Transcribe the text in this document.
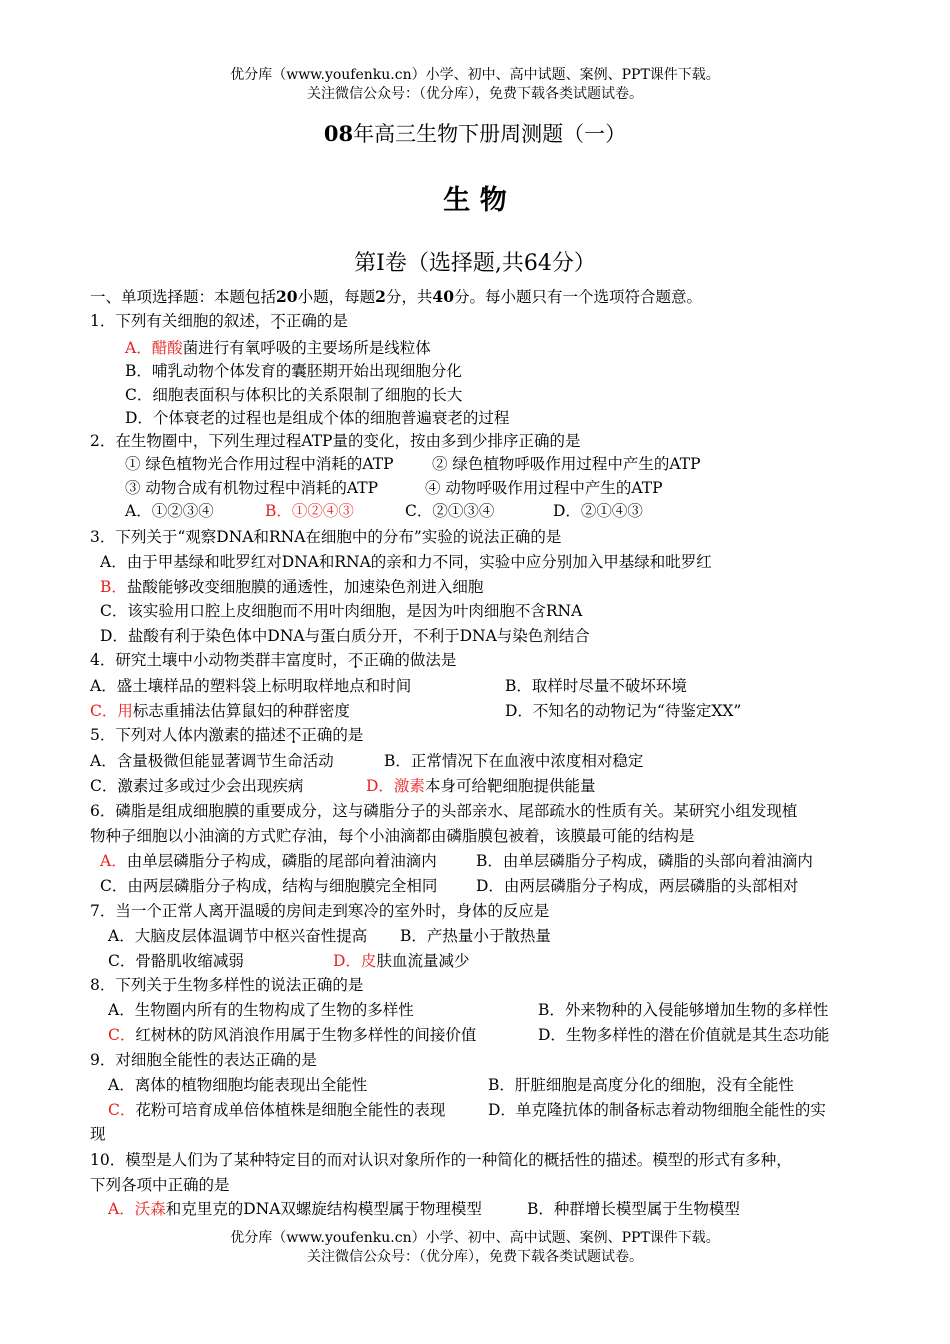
优分库（www.youfenku.cn）小学、初中、高中试题、案例、PPT课件下载。
关注微信公众号：（优分库），免费下载各类试题试卷。
08年高三生物下册周测题（一）
生 物
第Ⅰ卷（选择题,共64分）
一、单项选择题：本题包括20小题，每题2分，共40分。每小题只有一个选项符合题意。
1．下列有关细胞的叙述，不正确的是
A．醋酸菌进行有氧呼吸的主要场所是线粒体
B．哺乳动物个体发育的囊胚期开始出现细胞分化
C．细胞表面积与体积比的关系限制了细胞的长大
D．个体衰老的过程也是组成个体的细胞普遍衰老的过程
2．在生物圈中，下列生理过程ATP量的变化，按由多到少排序正确的是
① 绿色植物光合作用过程中消耗的ATP ② 绿色植物呼吸作用过程中产生的ATP
③ 动物合成有机物过程中消耗的ATP	④ 动物呼吸作用过程中产生的ATP
A．①②③④	B．①②④③	C．②①③④	D．②①④③
3．下列关于“观察DNA和RNA在细胞中的分布”实验的说法正确的是
A．由于甲基绿和吡罗红对DNA和RNA的亲和力不同，实验中应分别加入甲基绿和吡罗红
B．盐酸能够改变细胞膜的通透性，加速染色剂进入细胞
C．该实验用口腔上皮细胞而不用叶肉细胞，是因为叶肉细胞不含RNA
D．盐酸有利于染色体中DNA与蛋白质分开，不利于DNA与染色剂结合
4．研究土壤中小动物类群丰富度时，不正确的做法是
A．盛土壤样品的塑料袋上标明取样地点和时间	B．取样时尽量不破坏环境
C．用标志重捕法估算鼠妇的种群密度	D．不知名的动物记为“待鉴定XX”
5．下列对人体内激素的描述不正确的是
A．含量极微但能显著调节生命活动	B．正常情况下在血液中浓度相对稳定
C．激素过多或过少会出现疾病	D．激素本身可给靶细胞提供能量
6．磷脂是组成细胞膜的重要成分，这与磷脂分子的头部亲水、尾部疏水的性质有关。某研究小组发现植
物种子细胞以小油滴的方式贮存油，每个小油滴都由磷脂膜包被着，该膜最可能的结构是
A．由单层磷脂分子构成，磷脂的尾部向着油滴内	B．由单层磷脂分子构成，磷脂的头部向着油滴内
C．由两层磷脂分子构成，结构与细胞膜完全相同 D．由两层磷脂分子构成，两层磷脂的头部相对
7．当一个正常人离开温暖的房间走到寒冷的室外时，身体的反应是
A．大脑皮层体温调节中枢兴奋性提高 B．产热量小于散热量
C．骨骼肌收缩减弱	D．皮肤血流量减少
8．下列关于生物多样性的说法正确的是
A．生物圈内所有的生物构成了生物的多样性	B．外来物种的入侵能够增加生物的多样性
C．红树林的防风消浪作用属于生物多样性的间接价值	D．生物多样性的潜在价值就是其生态功能
9．对细胞全能性的表达正确的是
A．离体的植物细胞均能表现出全能性	B．肝脏细胞是高度分化的细胞，没有全能性
C．花粉可培育成单倍体植株是细胞全能性的表现	D．单克隆抗体的制备标志着动物细胞全能性的实
现
10．模型是人们为了某种特定目的而对认识对象所作的一种简化的概括性的描述。模型的形式有多种，
下列各项中正确的是
A．沃森和克里克的DNA双螺旋结构模型属于物理模型	B．种群增长模型属于生物模型
优分库（www.youfenku.cn）小学、初中、高中试题、案例、PPT课件下载。
关注微信公众号：（优分库），免费下载各类试题试卷。
